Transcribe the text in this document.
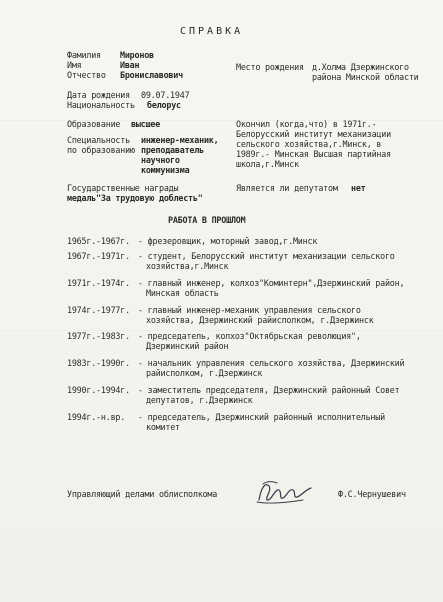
СПРАВКА
Фамилия Миронов
Имя	Иван
Отчество Брониславович
Место рождения д.Холма Дзержинского
района Минской области
Дата рождения 09.07.1947
Национальность белорус
Образование высшее	Окончил (когда,что) в 1971г.-
Белорусский институт механизации
сельского хозяйства,г.Минск, в
1989г.- Минская Высшая партийная
школа,г.Минск
Специальность
по образованию
инженер-механик,
преподаватель
научного
коммунизма
Государственные награды
медаль"За трудовую доблесть"
Является ли депутатом нет
РАБОТА В ПРОШЛОМ
1965г.-1967г. - фрезеровщик, моторный завод,г.Минск
1967г.-1971г. - студент, Белорусский институт механизации сельского
хозяйства,г.Минск
1971г.-1974г. - главный инженер, колхоз"Коминтерн",Дзержинский район,
Минская область
1974г.-1977г. - главный инженер-механик управления сельского
хозяйства, Дзержинский райисполком, г.Дзержинск
1977г.-1983г. - председатель, колхоз"Октябрьская революция",
Дзержинский район
1983г.-1990г. - начальник управления сельского хозяйства, Дзержинский
райисполком, г.Дзержинск
1990г.-1994г. - заместитель председателя, Дзержинский районный Совет
депутатов, г.Дзержинск
1994г.-н.вр. - председатель, Дзержинский районный исполнительный
комитет
Управляющий делами облисполкома	Ф.С.Чернушевич
